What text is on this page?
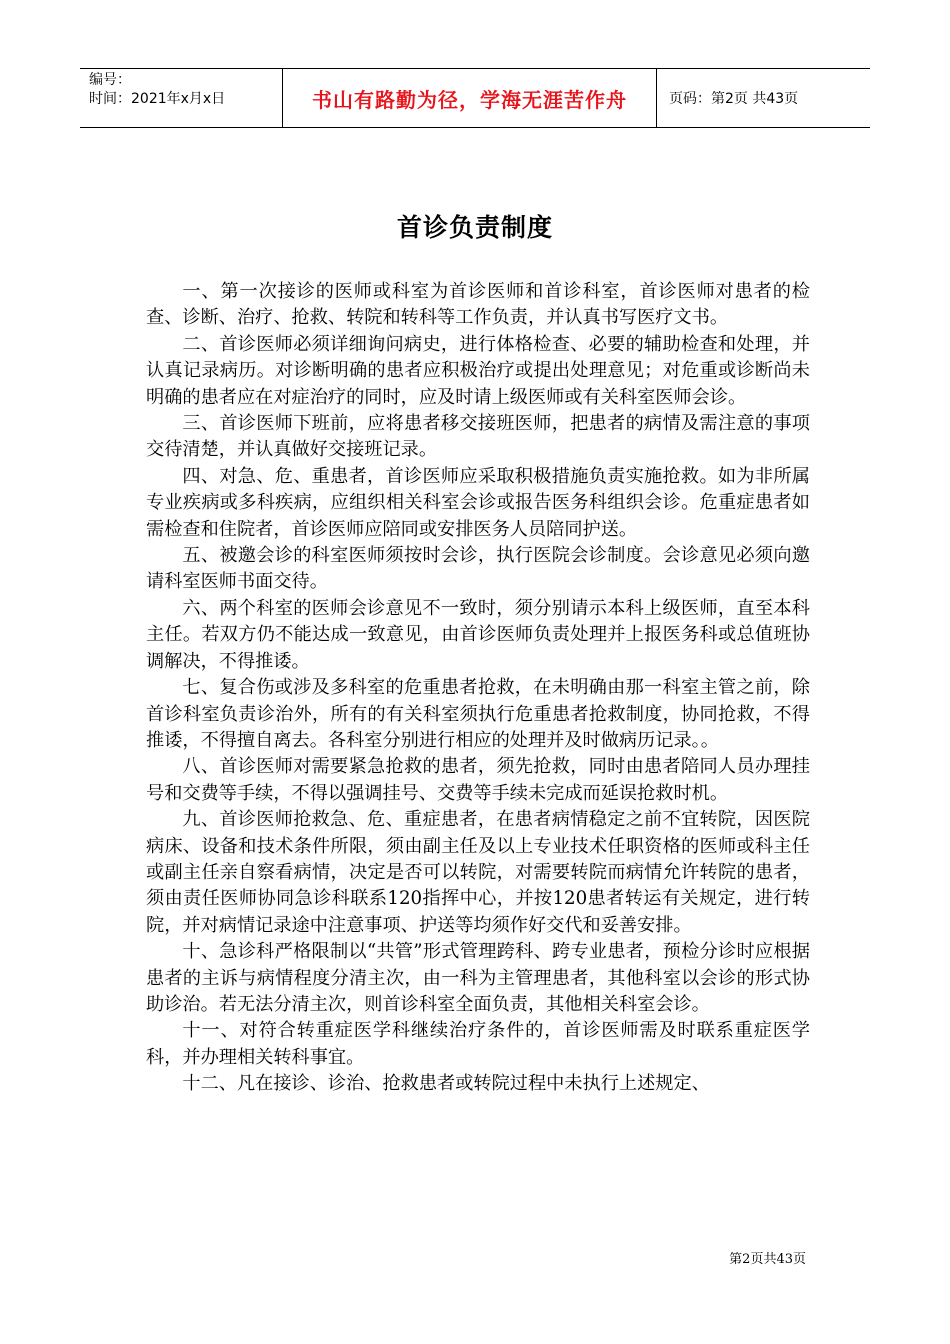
编号：
时间：2021年x月x日	书山有路勤为径，学海无涯苦作舟	页码：第2页 共43页
首诊负责制度

一、第一次接诊的医师或科室为首诊医师和首诊科室，首诊医师对患者的检查、诊断、治疗、抢救、转院和转科等工作负责，并认真书写医疗文书。

二、首诊医师必须详细询问病史，进行体格检查、必要的辅助检查和处理，并认真记录病历。对诊断明确的患者应积极治疗或提出处理意见；对危重或诊断尚未明确的患者应在对症治疗的同时，应及时请上级医师或有关科室医师会诊。

三、首诊医师下班前，应将患者移交接班医师，把患者的病情及需注意的事项交待清楚，并认真做好交接班记录。

四、对急、危、重患者，首诊医师应采取积极措施负责实施抢救。如为非所属专业疾病或多科疾病，应组织相关科室会诊或报告医务科组织会诊。危重症患者如需检查和住院者，首诊医师应陪同或安排医务人员陪同护送。

五、被邀会诊的科室医师须按时会诊，执行医院会诊制度。会诊意见必须向邀请科室医师书面交待。

六、两个科室的医师会诊意见不一致时，须分别请示本科上级医师，直至本科主任。若双方仍不能达成一致意见，由首诊医师负责处理并上报医务科或总值班协调解决，不得推诿。

七、复合伤或涉及多科室的危重患者抢救，在未明确由那一科室主管之前，除首诊科室负责诊治外，所有的有关科室须执行危重患者抢救制度，协同抢救，不得推诿，不得擅自离去。各科室分别进行相应的处理并及时做病历记录。。

八、首诊医师对需要紧急抢救的患者，须先抢救，同时由患者陪同人员办理挂号和交费等手续，不得以强调挂号、交费等手续未完成而延误抢救时机。

九、首诊医师抢救急、危、重症患者，在患者病情稳定之前不宜转院，因医院病床、设备和技术条件所限，须由副主任及以上专业技术任职资格的医师或科主任或副主任亲自察看病情，决定是否可以转院，对需要转院而病情允许转院的患者，须由责任医师协同急诊科联系120指挥中心，并按120患者转运有关规定，进行转院，并对病情记录途中注意事项、护送等均须作好交代和妥善安排。

十、急诊科严格限制以“共管”形式管理跨科、跨专业患者，预检分诊时应根据患者的主诉与病情程度分清主次，由一科为主管理患者，其他科室以会诊的形式协助诊治。若无法分清主次，则首诊科室全面负责，其他相关科室会诊。

十一、对符合转重症医学科继续治疗条件的，首诊医师需及时联系重症医学科，并办理相关转科事宜。

十二、凡在接诊、诊治、抢救患者或转院过程中未执行上述规定、

第2页共43页
